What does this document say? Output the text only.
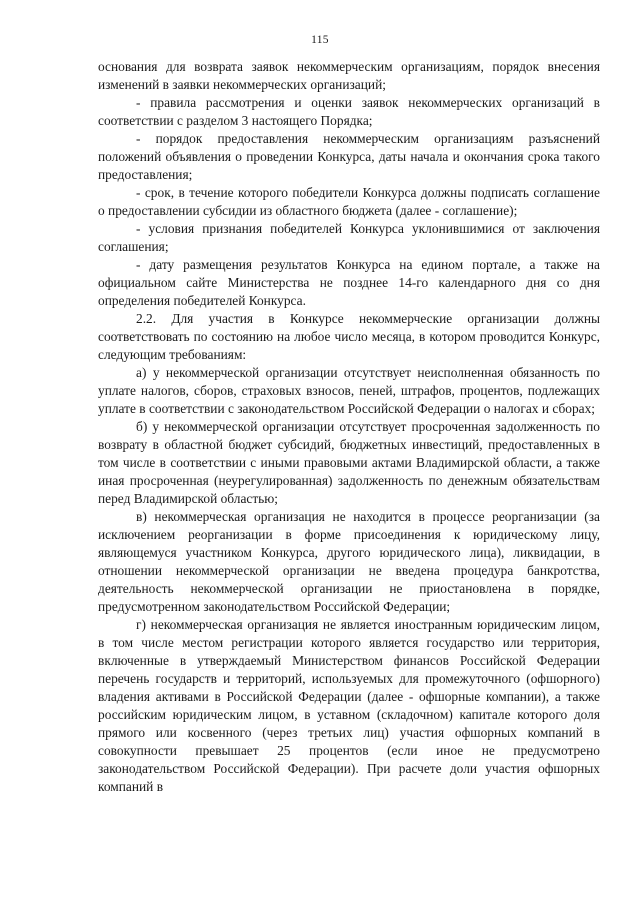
115

основания для возврата заявок некоммерческим организациям, порядок внесения изменений в заявки некоммерческих организаций;

- правила рассмотрения и оценки заявок некоммерческих организаций в соответствии с разделом 3 настоящего Порядка;

- порядок предоставления некоммерческим организациям разъяснений положений объявления о проведении Конкурса, даты начала и окончания срока такого предоставления;

- срок, в течение которого победители Конкурса должны подписать соглашение о предоставлении субсидии из областного бюджета (далее - соглашение);

- условия признания победителей Конкурса уклонившимися от заключения соглашения;

- дату размещения результатов Конкурса на едином портале, а также на официальном сайте Министерства не позднее 14-го календарного дня со дня определения победителей Конкурса.

2.2. Для участия в Конкурсе некоммерческие организации должны соответствовать по состоянию на любое число месяца, в котором проводится Конкурс, следующим требованиям:

а) у некоммерческой организации отсутствует неисполненная обязанность по уплате налогов, сборов, страховых взносов, пеней, штрафов, процентов, подлежащих уплате в соответствии с законодательством Российской Федерации о налогах и сборах;

б) у некоммерческой организации отсутствует просроченная задолженность по возврату в областной бюджет субсидий, бюджетных инвестиций, предоставленных в том числе в соответствии с иными правовыми актами Владимирской области, а также иная просроченная (неурегулированная) задолженность по денежным обязательствам перед Владимирской областью;

в) некоммерческая организация не находится в процессе реорганизации (за исключением реорганизации в форме присоединения к юридическому лицу, являющемуся участником Конкурса, другого юридического лица), ликвидации, в отношении некоммерческой организации не введена процедура банкротства, деятельность некоммерческой организации не приостановлена в порядке, предусмотренном законодательством Российской Федерации;

г) некоммерческая организация не является иностранным юридическим лицом, в том числе местом регистрации которого является государство или территория, включенные в утверждаемый Министерством финансов Российской Федерации перечень государств и территорий, используемых для промежуточного (офшорного) владения активами в Российской Федерации (далее - офшорные компании), а также российским юридическим лицом, в уставном (складочном) капитале которого доля прямого или косвенного (через третьих лиц) участия офшорных компаний в совокупности превышает 25 процентов (если иное не предусмотрено законодательством Российской Федерации). При расчете доли участия офшорных компаний в
